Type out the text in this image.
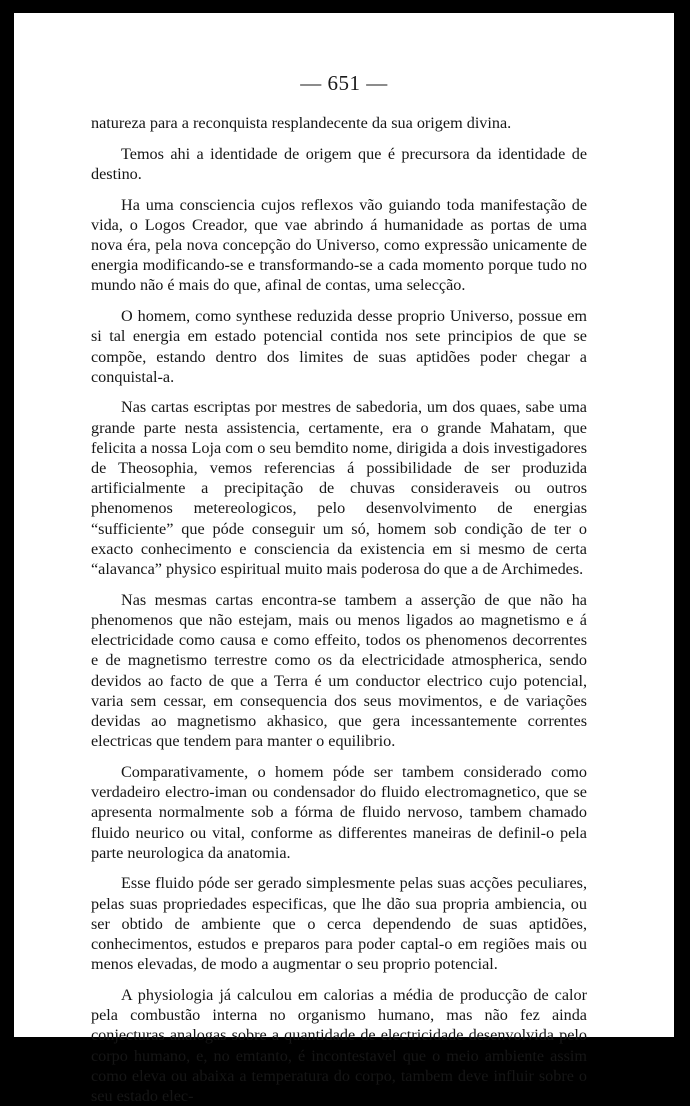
— 651 —

natureza para a reconquista resplandecente da sua origem divina.

Temos ahi a identidade de origem que é precursora da identidade de destino.

Ha uma consciencia cujos reflexos vão guiando toda manifestação de vida, o Logos Creador, que vae abrindo á humanidade as portas de uma nova éra, pela nova concepção do Universo, como expressão unicamente de energia modificando-se e transformando-se a cada momento porque tudo no mundo não é mais do que, afinal de contas, uma selecção.

O homem, como synthese reduzida desse proprio Universo, possue em si tal energia em estado potencial contida nos sete principios de que se compõe, estando dentro dos limites de suas aptidões poder chegar a conquistal-a.

Nas cartas escriptas por mestres de sabedoria, um dos quaes, sabe uma grande parte nesta assistencia, certamente, era o grande Mahatam, que felicita a nossa Loja com o seu bemdito nome, dirigida a dois investigadores de Theosophia, vemos referencias á possibilidade de ser produzida artificialmente a precipitação de chuvas consideraveis ou outros phenomenos metereologicos, pelo desenvolvimento de energias “sufficiente” que póde conseguir um só, homem sob condição de ter o exacto conhecimento e consciencia da existencia em si mesmo de certa “alavanca” physico espiritual muito mais poderosa do que a de Archimedes.

Nas mesmas cartas encontra-se tambem a asserção de que não ha phenomenos que não estejam, mais ou menos ligados ao magnetismo e á electricidade como causa e como effeito, todos os phenomenos decorrentes e de magnetismo terrestre como os da electricidade atmospherica, sendo devidos ao facto de que a Terra é um conductor electrico cujo potencial, varia sem cessar, em consequencia dos seus movimentos, e de variações devidas ao magnetismo akhasico, que gera incessantemente correntes electricas que tendem para manter o equilibrio.

Comparativamente, o homem póde ser tambem considerado como verdadeiro electro-iman ou condensador do fluido electromagnetico, que se apresenta normalmente sob a fórma de fluido nervoso, tambem chamado fluido neurico ou vital, conforme as differentes maneiras de definil-o pela parte neurologica da anatomia.

Esse fluido póde ser gerado simplesmente pelas suas acções peculiares, pelas suas propriedades especificas, que lhe dão sua propria ambiencia, ou ser obtido de ambiente que o cerca dependendo de suas aptidões, conhecimentos, estudos e preparos para poder captal-o em regiões mais ou menos elevadas, de modo a augmentar o seu proprio potencial.

A physiologia já calculou em calorias a média de producção de calor pela combustão interna no organismo humano, mas não fez ainda conjecturas analogas sobre a quantidade de electricidade desenvolvida pelo corpo humano, e, no emtanto, é incontestavel que o meio ambiente assim como eleva ou abaixa a temperatura do corpo, tambem deve influir sobre o seu estado elec-
